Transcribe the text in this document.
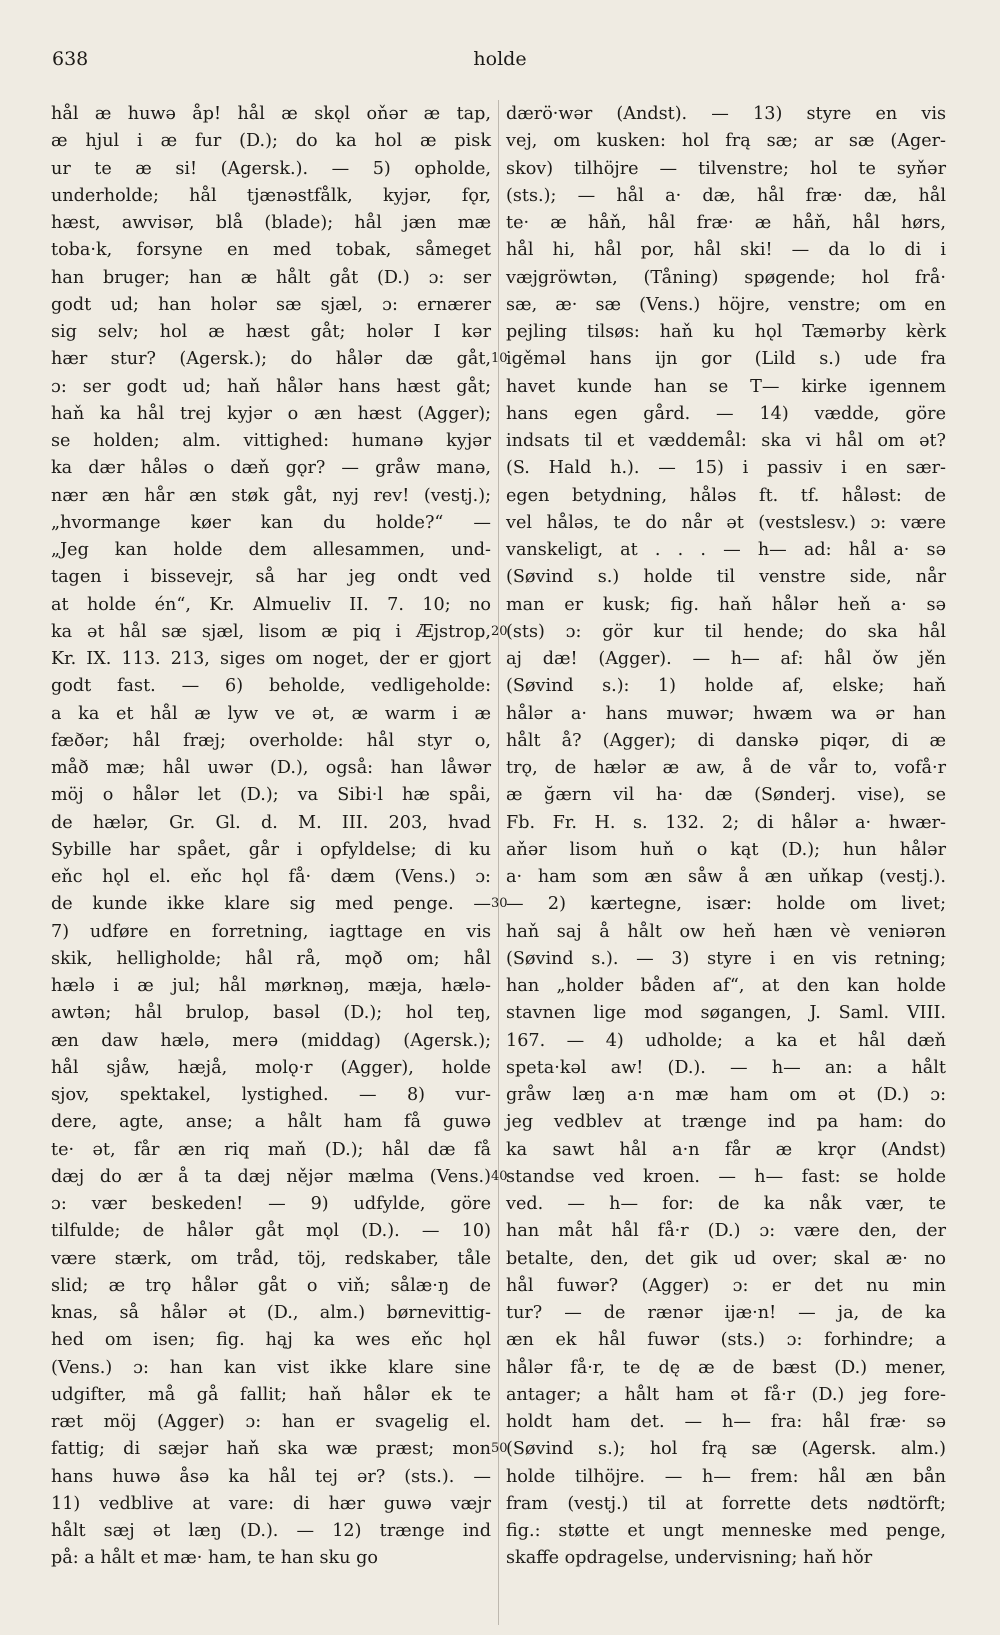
638	holde
hål æ huwə åp! hål æ skǫl oňər æ tap,
æ hjul i æ fur (D.); do ka hol æ pisk
ur te æ si! (Agersk.). — 5) opholde,
underholde; hål tjænəstfålk, kyjər, fǫr,
hæst, awvisər, blå (blade); hål jæn mæ
toba·k, forsyne en med tobak, såmeget
han bruger; han æ hålt gåt (D.) ɔ: ser
godt ud; han holər sæ sjæl, ɔ: ernærer
sig selv; hol æ hæst gåt; holər I kər
hær stur? (Agersk.); do hålər dæ gåt,
ɔ: ser godt ud; haň hålər hans hæst gåt;
haň ka hål trej kyjər o æn hæst (Agger);
se holden; alm. vittighed: humanə kyjər
ka dær håləs o dæň gǫr? — gråw manə,
nær æn hår æn støk gåt, nyj rev! (vestj.);
„hvormange køer kan du holde?“ —
„Jeg kan holde dem allesammen, und-
tagen i bissevejr, så har jeg ondt ved
at holde én“, Kr. Almueliv II. 7. 10; no
ka ət hål sæ sjæl, lisom æ piq i Æjstrop,
Kr. IX. 113. 213, siges om noget, der er gjort
godt fast. — 6) beholde, vedligeholde:
a ka et hål æ lyw ve ət, æ warm i æ
fæðər; hål fræj; overholde: hål styr o,
måð mæ; hål uwər (D.), også: han låwər
möj o hålər let (D.); va Sibi·l hæ spåi,
de hælər, Gr. Gl. d. M. III. 203, hvad
Sybille har spået, går i opfyldelse; di ku
eňc hǫl el. eňc hǫl få· dæm (Vens.) ɔ:
de kunde ikke klare sig med penge. —
7) udføre en forretning, iagttage en vis
skik, helligholde; hål rå, mǫð om; hål
hælə i æ jul; hål mørknəŋ, mæja, hælə-
awtən; hål brulop, basəl (D.); hol teŋ,
æn daw hælə, merə (middag) (Agersk.);
hål sjåw, hæjå, molǫ·r (Agger), holde
sjov, spektakel, lystighed. — 8) vur-
dere, agte, anse; a hålt ham få guwə
te· ət, får æn riq maň (D.); hål dæ få
dæj do ær å ta dæj nějər mælma (Vens.)
ɔ: vær beskeden! — 9) udfylde, göre
tilfulde; de hålər gåt mǫl (D.). — 10)
være stærk, om tråd, töj, redskaber, tåle
slid; æ trǫ hålər gåt o viň; sålæ·ŋ de
knas, så hålər ət (D., alm.) børnevittig-
hed om isen; fig. hąj ka wes eňc hǫl
(Vens.) ɔ: han kan vist ikke klare sine
udgifter, må gå fallit; haň hålər ek te
ræt möj (Agger) ɔ: han er svagelig el.
fattig; di sæjər haň ska wæ præst; mon
hans huwə åsə ka hål tej ər? (sts.). —
11) vedblive at vare: di hær guwə væjr
hålt sæj ət læŋ (D.). — 12) trænge ind
på: a hålt et mæ· ham, te han sku go
10
20
30
40
50
dærö·wər (Andst). — 13) styre en vis
vej, om kusken: hol frą sæ; ar sæ (Ager-
skov) tilhöjre — tilvenstre; hol te syňər
(sts.); — hål a· dæ, hål fræ· dæ, hål
te· æ håň, hål fræ· æ håň, hål hørs,
hål hi, hål por, hål ski! — da lo di i
væjgröwtən, (Tåning) spøgende; hol frå·
sæ, æ· sæ (Vens.) höjre, venstre; om en
pejling tilsøs: haň ku hǫl Tæmərby kèrk
igěməl hans ijn gor (Lild s.) ude fra
havet kunde han se T— kirke igennem
hans egen gård. — 14) vædde, göre
indsats til et væddemål: ska vi hål om ət?
(S. Hald h.). — 15) i passiv i en sær-
egen betydning, håləs ft. tf. håləst: de
vel håləs, te do når ət (vestslesv.) ɔ: være
vanskeligt, at . . . — h— ad: hål a· sə
(Søvind s.) holde til venstre side, når
man er kusk; fig. haň hålər heň a· sə
(sts) ɔ: gör kur til hende; do ska hål
aj dæ! (Agger). — h— af: hål ǒw jěn
(Søvind s.): 1) holde af, elske; haň
hålər a· hans muwər; hwæm wa ər han
hålt å? (Agger); di danskə piqər, di æ
trǫ, de hælər æ aw, å de vår to, vofå·r
æ ğærn vil ha· dæ (Sønderj. vise), se
Fb. Fr. H. s. 132. 2; di hålər a· hwær-
aňər lisom huň o kąt (D.); hun hålər
a· ham som æn såw å æn uňkap (vestj.).
— 2) kærtegne, især: holde om livet;
haň saj å hålt ow heň hæn vè veniərən
(Søvind s.). — 3) styre i en vis retning;
han „holder båden af“, at den kan holde
stavnen lige mod søgangen, J. Saml. VIII.
167. — 4) udholde; a ka et hål dæň
speta·kəl aw! (D.). — h— an: a hålt
gråw læŋ a·n mæ ham om ət (D.) ɔ:
jeg vedblev at trænge ind pa ham: do
ka sawt hål a·n får æ krǫr (Andst)
standse ved kroen. — h— fast: se holde
ved. — h— for: de ka nåk vær, te
han måt hål få·r (D.) ɔ: være den, der
betalte, den, det gik ud over; skal æ· no
hål fuwər? (Agger) ɔ: er det nu min
tur? — de rænər ijæ·n! — ja, de ka
æn ek hål fuwər (sts.) ɔ: forhindre; a
hålər få·r, te dę æ de bæst (D.) mener,
antager; a hålt ham ət få·r (D.) jeg fore-
holdt ham det. — h— fra: hål fræ· sə
(Søvind s.); hol frą sæ (Agersk. alm.)
holde tilhöjre. — h— frem: hål æn bån
fram (vestj.) til at forrette dets nødtörft;
fig.: støtte et ungt menneske med penge,
skaffe opdragelse, undervisning; haň hǒr
